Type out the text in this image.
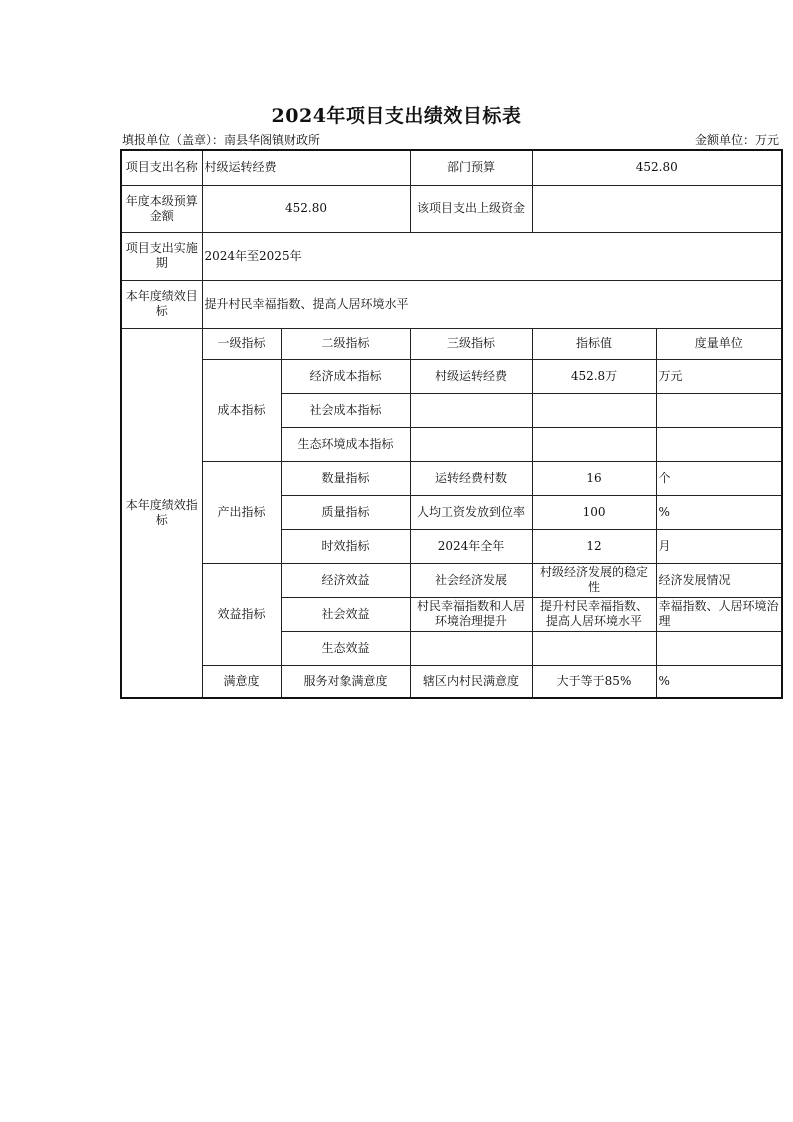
2024年项目支出绩效目标表
填报单位（盖章）：南县华阁镇财政所	金额单位：万元
项目支出名称	村级运转经费		部门预算	452.80	
年度本级预算金额	452.80		该项目支出上级资金		
项目支出实施期	2024年至2025年				
本年度绩效目标	提升村民幸福指数、提高人居环境水平				
本年度绩效指标	一级指标	二级指标	三级指标	指标值	度量单位
	成本指标	经济成本指标	村级运转经费	452.8万	万元
		社会成本指标			
		生态环境成本指标			
	产出指标	数量指标	运转经费村数	16	个
		质量指标	人均工资发放到位率	100	%
		时效指标	2024年全年	12	月
	效益指标	经济效益	社会经济发展	村级经济发展的稳定性	经济发展情况
		社会效益	村民幸福指数和人居环境治理提升	提升村民幸福指数、提高人居环境水平	幸福指数、人居环境治理
		生态效益			
	满意度	服务对象满意度	辖区内村民满意度	大于等于85%	%
